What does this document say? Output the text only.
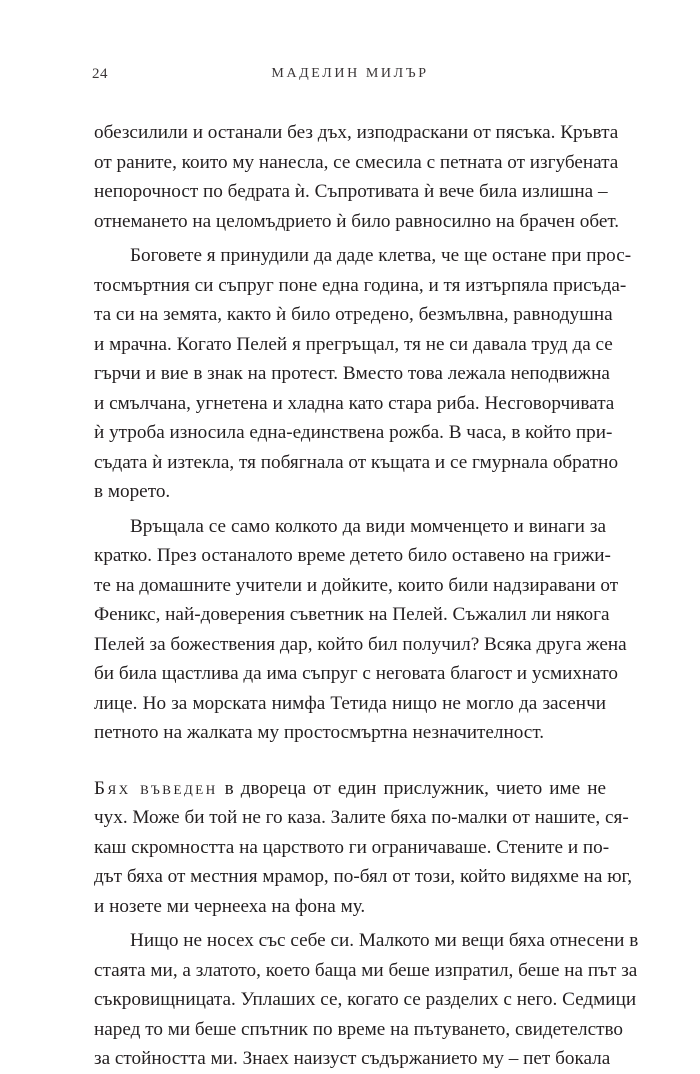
24	МАДЕЛИН МИЛЪР
обезсилили и останали без дъх, изподраскани от пясъка. Кръвта
от раните, които му нанесла, се смесила с петната от изгубената
непорочност по бедрата ѝ. Съпротивата ѝ вече била излишна –
отнемането на целомъдрието ѝ било равносилно на брачен обет.
Боговете я принудили да даде клетва, че ще остане при прос-
тосмъртния си съпруг поне една година, и тя изтърпяла присъда-
та си на земята, както ѝ било отредено, безмълвна, равнодушна
и мрачна. Когато Пелей я прегръщал, тя не си давала труд да се
гърчи и вие в знак на протест. Вместо това лежала неподвижна
и смълчана, угнетена и хладна като стара риба. Несговорчивата
ѝ утроба износила една-единствена рожба. В часа, в който при-
съдата ѝ изтекла, тя побягнала от къщата и се гмурнала обратно
в морето.
Връщала се само колкото да види момченцето и винаги за
кратко. През останалото време детето било оставено на грижи-
те на домашните учители и дойките, които били надзиравани от
Феникс, най-доверения съветник на Пелей. Съжалил ли някога
Пелей за божествения дар, който бил получил? Всяка друга жена
би била щастлива да има съпруг с неговата благост и усмихнато
лице. Но за морската нимфа Тетида нищо не могло да засенчи
петното на жалката му простосмъртна незначителност.
Бях въведен в двореца от един прислужник, чието име не
чух. Може би той не го каза. Залите бяха по-малки от нашите, ся-
каш скромността на царството ги ограничаваше. Стените и по-
дът бяха от местния мрамор, по-бял от този, който видяхме на юг,
и нозете ми чернееха на фона му.
Нищо не носех със себе си. Малкото ми вещи бяха отнесени в
стаята ми, а златото, което баща ми беше изпратил, беше на път за
съкровищницата. Уплаших се, когато се разделих с него. Седмици
наред то ми беше спътник по време на пътуването, свидетелство
за стойността ми. Знаех наизуст съдържанието му – пет бокала
